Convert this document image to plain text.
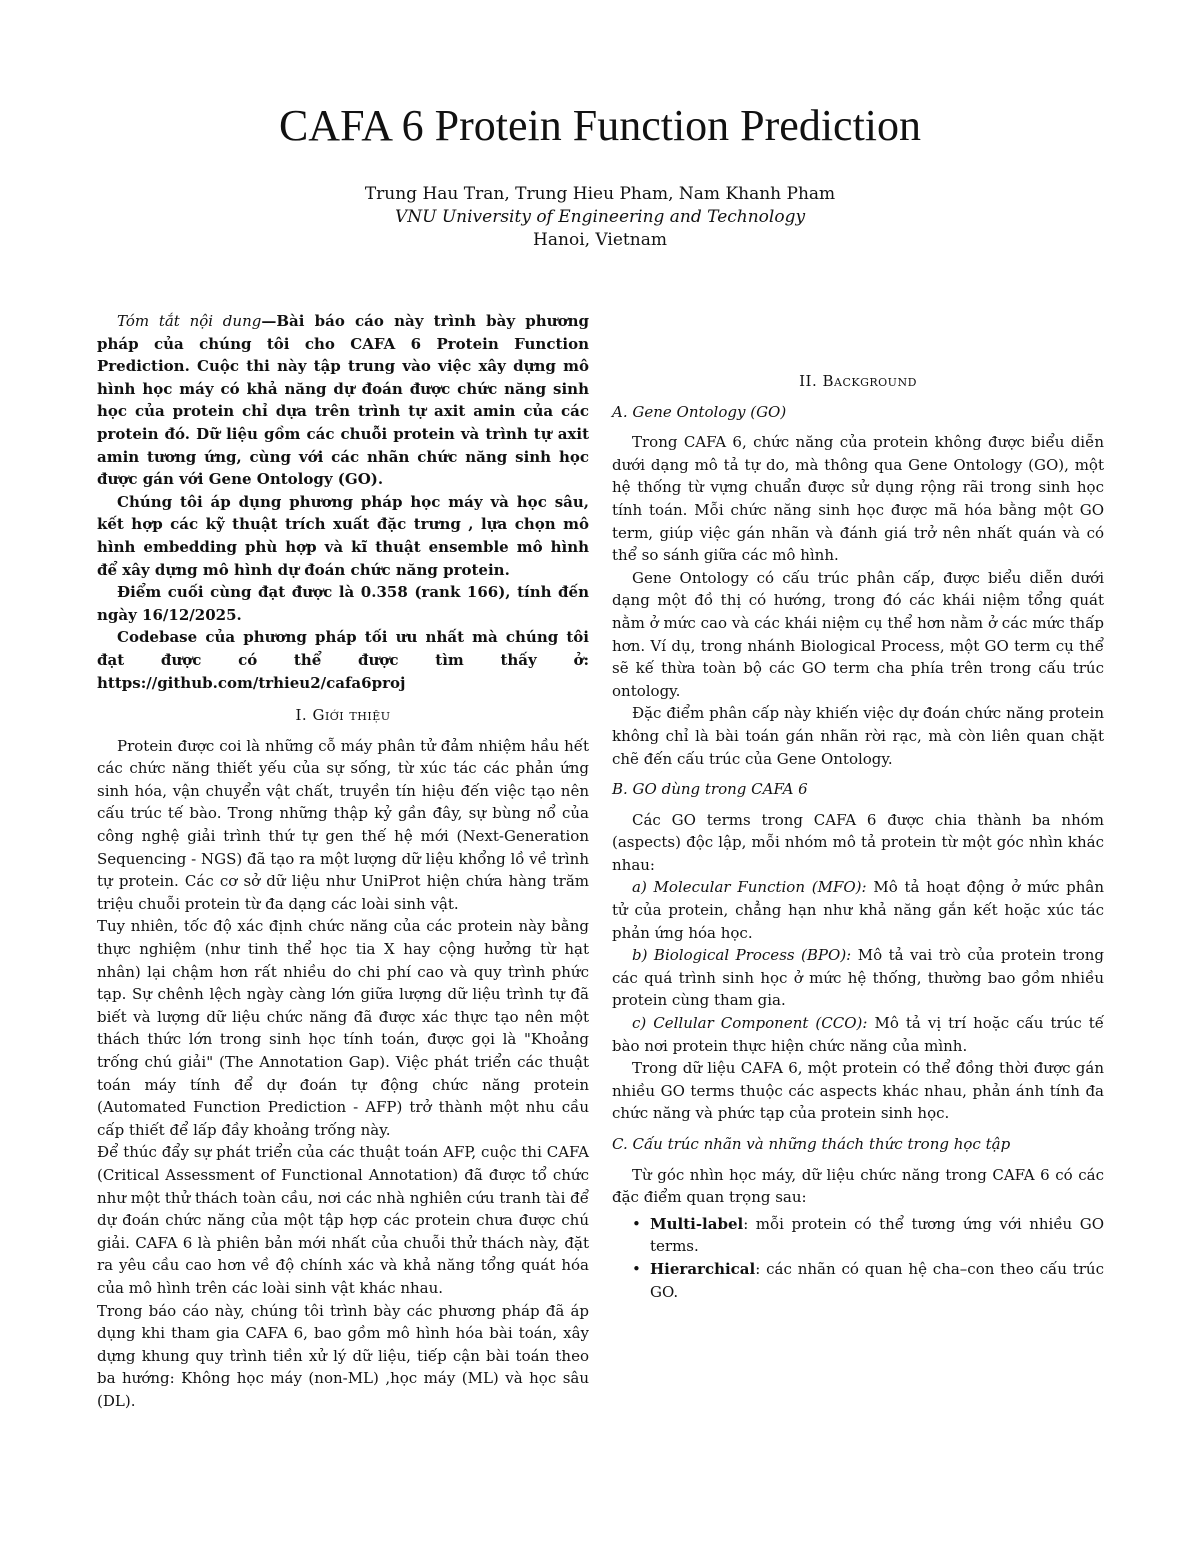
CAFA 6 Protein Function Prediction
Trung Hau Tran, Trung Hieu Pham, Nam Khanh Pham
VNU University of Engineering and Technology
Hanoi, Vietnam

Tóm tắt nội dung—Bài báo cáo này trình bày phương pháp của chúng tôi cho CAFA 6 Protein Function Prediction. Cuộc thi này tập trung vào việc xây dựng mô hình học máy có khả năng dự đoán được chức năng sinh học của protein chỉ dựa trên trình tự axit amin của các protein đó. Dữ liệu gồm các chuỗi protein và trình tự axit amin tương ứng, cùng với các nhãn chức năng sinh học được gán với Gene Ontology (GO).

Chúng tôi áp dụng phương pháp học máy và học sâu, kết hợp các kỹ thuật trích xuất đặc trưng , lựa chọn mô hình embedding phù hợp và kĩ thuật ensemble mô hình để xây dựng mô hình dự đoán chức năng protein.

Điểm cuối cùng đạt được là 0.358 (rank 166), tính đến ngày 16/12/2025.

Codebase của phương pháp tối ưu nhất mà chúng tôi đạt được có thể được tìm thấy ở: https://github.com/trhieu2/cafa6proj

I. Giới thiệu

Protein được coi là những cỗ máy phân tử đảm nhiệm hầu hết các chức năng thiết yếu của sự sống, từ xúc tác các phản ứng sinh hóa, vận chuyển vật chất, truyền tín hiệu đến việc tạo nên cấu trúc tế bào. Trong những thập kỷ gần đây, sự bùng nổ của công nghệ giải trình thứ tự gen thế hệ mới (Next-Generation Sequencing - NGS) đã tạo ra một lượng dữ liệu khổng lồ về trình tự protein. Các cơ sở dữ liệu như UniProt hiện chứa hàng trăm triệu chuỗi protein từ đa dạng các loài sinh vật.

Tuy nhiên, tốc độ xác định chức năng của các protein này bằng thực nghiệm (như tinh thể học tia X hay cộng hưởng từ hạt nhân) lại chậm hơn rất nhiều do chi phí cao và quy trình phức tạp. Sự chênh lệch ngày càng lớn giữa lượng dữ liệu trình tự đã biết và lượng dữ liệu chức năng đã được xác thực tạo nên một thách thức lớn trong sinh học tính toán, được gọi là "Khoảng trống chú giải" (The Annotation Gap). Việc phát triển các thuật toán máy tính để dự đoán tự động chức năng protein (Automated Function Prediction - AFP) trở thành một nhu cầu cấp thiết để lấp đầy khoảng trống này.

Để thúc đẩy sự phát triển của các thuật toán AFP, cuộc thi CAFA (Critical Assessment of Functional Annotation) đã được tổ chức như một thử thách toàn cầu, nơi các nhà nghiên cứu tranh tài để dự đoán chức năng của một tập hợp các protein chưa được chú giải. CAFA 6 là phiên bản mới nhất của chuỗi thử thách này, đặt ra yêu cầu cao hơn về độ chính xác và khả năng tổng quát hóa của mô hình trên các loài sinh vật khác nhau.

Trong báo cáo này, chúng tôi trình bày các phương pháp đã áp dụng khi tham gia CAFA 6, bao gồm mô hình hóa bài toán, xây dựng khung quy trình tiền xử lý dữ liệu, tiếp cận bài toán theo ba hướng: Không học máy (non-ML) ,học máy (ML) và học sâu (DL).

II. Background
A. Gene Ontology (GO)

Trong CAFA 6, chức năng của protein không được biểu diễn dưới dạng mô tả tự do, mà thông qua Gene Ontology (GO), một hệ thống từ vựng chuẩn được sử dụng rộng rãi trong sinh học tính toán. Mỗi chức năng sinh học được mã hóa bằng một GO term, giúp việc gán nhãn và đánh giá trở nên nhất quán và có thể so sánh giữa các mô hình.

Gene Ontology có cấu trúc phân cấp, được biểu diễn dưới dạng một đồ thị có hướng, trong đó các khái niệm tổng quát nằm ở mức cao và các khái niệm cụ thể hơn nằm ở các mức thấp hơn. Ví dụ, trong nhánh Biological Process, một GO term cụ thể sẽ kế thừa toàn bộ các GO term cha phía trên trong cấu trúc ontology.

Đặc điểm phân cấp này khiến việc dự đoán chức năng protein không chỉ là bài toán gán nhãn rời rạc, mà còn liên quan chặt chẽ đến cấu trúc của Gene Ontology.

B. GO dùng trong CAFA 6

Các GO terms trong CAFA 6 được chia thành ba nhóm (aspects) độc lập, mỗi nhóm mô tả protein từ một góc nhìn khác nhau:

a) Molecular Function (MFO): Mô tả hoạt động ở mức phân tử của protein, chẳng hạn như khả năng gắn kết hoặc xúc tác phản ứng hóa học.

b) Biological Process (BPO): Mô tả vai trò của protein trong các quá trình sinh học ở mức hệ thống, thường bao gồm nhiều protein cùng tham gia.

c) Cellular Component (CCO): Mô tả vị trí hoặc cấu trúc tế bào nơi protein thực hiện chức năng của mình.

Trong dữ liệu CAFA 6, một protein có thể đồng thời được gán nhiều GO terms thuộc các aspects khác nhau, phản ánh tính đa chức năng và phức tạp của protein sinh học.

C. Cấu trúc nhãn và những thách thức trong học tập

Từ góc nhìn học máy, dữ liệu chức năng trong CAFA 6 có các đặc điểm quan trọng sau:

• Multi-label: mỗi protein có thể tương ứng với nhiều GO terms.
• Hierarchical: các nhãn có quan hệ cha–con theo cấu trúc GO.
